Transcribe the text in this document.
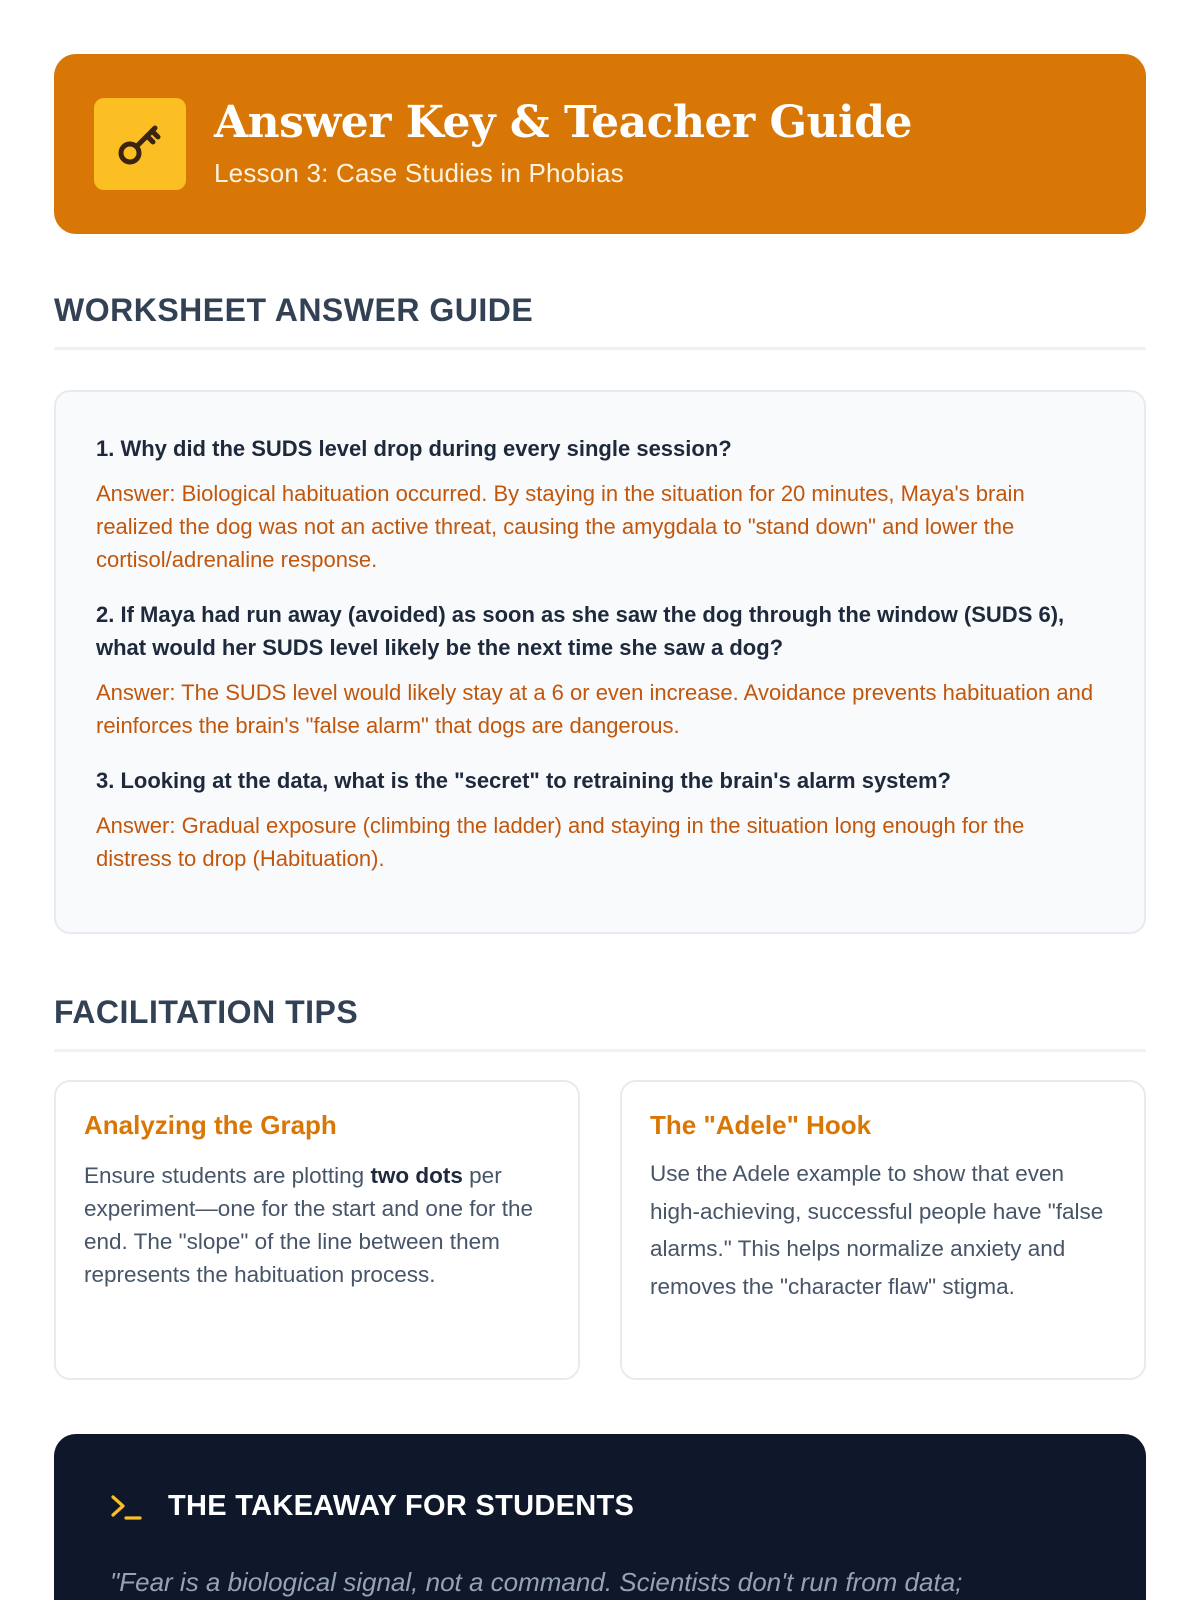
Answer Key & Teacher Guide
Lesson 3: Case Studies in Phobias
WORKSHEET ANSWER GUIDE
1. Why did the SUDS level drop during every single session?
Answer: Biological habituation occurred. By staying in the situation for 20 minutes, Maya's brain realized the dog was not an active threat, causing the amygdala to "stand down" and lower the cortisol/adrenaline response.
2. If Maya had run away (avoided) as soon as she saw the dog through the window (SUDS 6), what would her SUDS level likely be the next time she saw a dog?
Answer: The SUDS level would likely stay at a 6 or even increase. Avoidance prevents habituation and reinforces the brain's "false alarm" that dogs are dangerous.
3. Looking at the data, what is the "secret" to retraining the brain's alarm system?
Answer: Gradual exposure (climbing the ladder) and staying in the situation long enough for the distress to drop (Habituation).
FACILITATION TIPS
Analyzing the Graph
Ensure students are plotting two dots per experiment—one for the start and one for the end. The "slope" of the line between them represents the habituation process.
The "Adele" Hook
Use the Adele example to show that even high-achieving, successful people have "false alarms." This helps normalize anxiety and removes the "character flaw" stigma.
THE TAKEAWAY FOR STUDENTS
"Fear is a biological signal, not a command. Scientists don't run from data;
